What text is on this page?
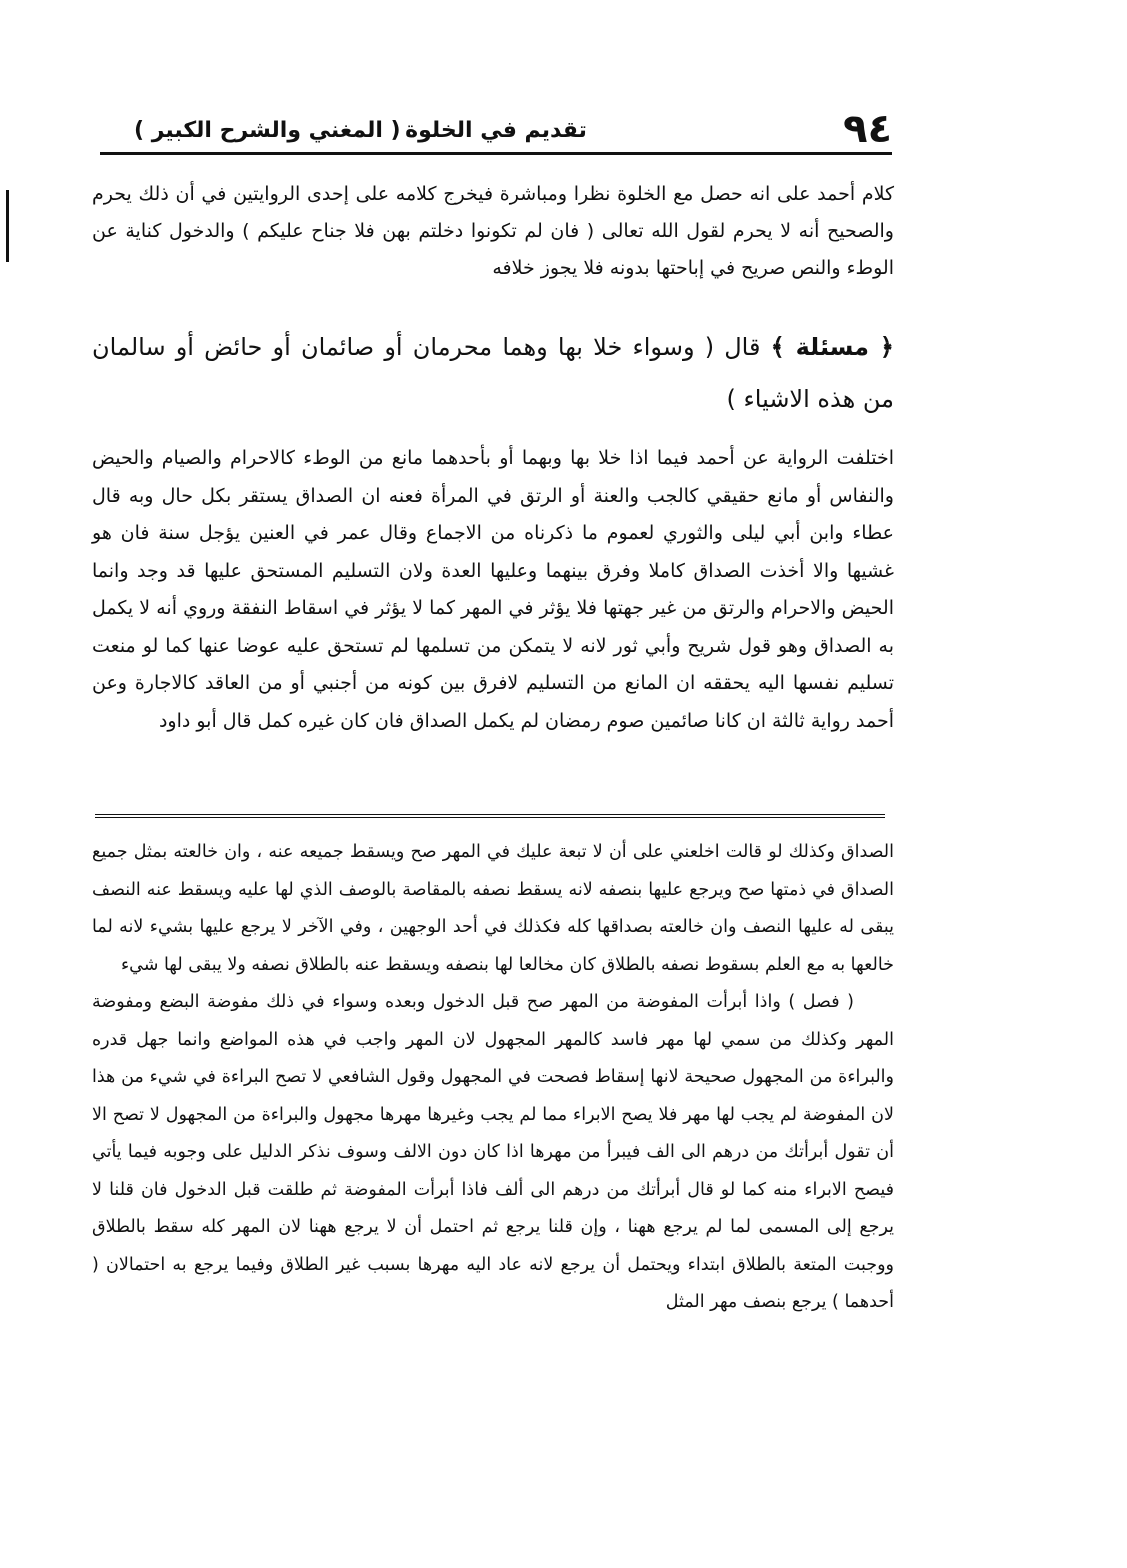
٩٤
تقديم في الخلوة
( المغني والشرح الكبير )

كلام أحمد على انه حصل مع الخلوة نظرا ومباشرة فيخرج كلامه على إحدى الروايتين في أن ذلك يحرم والصحيح أنه لا يحرم لقول الله تعالى ( فان لم تكونوا دخلتم بهن فلا جناح عليكم ) والدخول كناية عن الوطء والنص صريح في إباحتها بدونه فلا يجوز خلافه

﴿ مسئلة ﴾ قال ( وسواء خلا بها وهما محرمان أو صائمان أو حائض أو سالمان من هذه الاشياء )

اختلفت الرواية عن أحمد فيما اذا خلا بها وبهما أو بأحدهما مانع من الوطء كالاحرام والصيام والحيض والنفاس أو مانع حقيقي كالجب والعنة أو الرتق في المرأة فعنه ان الصداق يستقر بكل حال وبه قال عطاء وابن أبي ليلى والثوري لعموم ما ذكرناه من الاجماع وقال عمر في العنين يؤجل سنة فان هو غشيها والا أخذت الصداق كاملا وفرق بينهما وعليها العدة ولان التسليم المستحق عليها قد وجد وانما الحيض والاحرام والرتق من غير جهتها فلا يؤثر في المهر كما لا يؤثر في اسقاط النفقة وروي أنه لا يكمل به الصداق وهو قول شريح وأبي ثور لانه لا يتمكن من تسلمها لم تستحق عليه عوضا عنها كما لو منعت تسليم نفسها اليه يحققه ان المانع من التسليم لافرق بين كونه من أجنبي أو من العاقد كالاجارة وعن أحمد رواية ثالثة ان كانا صائمين صوم رمضان لم يكمل الصداق فان كان غيره كمل قال أبو داود

الصداق وكذلك لو قالت اخلعني على أن لا تبعة عليك في المهر صح ويسقط جميعه عنه ، وان خالعته بمثل جميع الصداق في ذمتها صح ويرجع عليها بنصفه لانه يسقط نصفه بالمقاصة بالوصف الذي لها عليه ويسقط عنه النصف يبقى له عليها النصف وان خالعته بصداقها كله فكذلك في أحد الوجهين ، وفي الآخر لا يرجع عليها بشيء لانه لما خالعها به مع العلم بسقوط نصفه بالطلاق كان مخالعا لها بنصفه ويسقط عنه بالطلاق نصفه ولا يبقى لها شيء

( فصل ) واذا أبرأت المفوضة من المهر صح قبل الدخول وبعده وسواء في ذلك مفوضة البضع ومفوضة المهر وكذلك من سمي لها مهر فاسد كالمهر المجهول لان المهر واجب في هذه المواضع وانما جهل قدره والبراءة من المجهول صحيحة لانها إسقاط فصحت في المجهول وقول الشافعي لا تصح البراءة في شيء من هذا لان المفوضة لم يجب لها مهر فلا يصح الابراء مما لم يجب وغيرها مهرها مجهول والبراءة من المجهول لا تصح الا أن تقول أبرأتك من درهم الى الف فيبرأ من مهرها اذا كان دون الالف وسوف نذكر الدليل على وجوبه فيما يأتي فيصح الابراء منه كما لو قال أبرأتك من درهم الى ألف فاذا أبرأت المفوضة ثم طلقت قبل الدخول فان قلنا لا يرجع إلى المسمى لما لم يرجع ههنا ، وإن قلنا يرجع ثم احتمل أن لا يرجع ههنا لان المهر كله سقط بالطلاق ووجبت المتعة بالطلاق ابتداء ويحتمل أن يرجع لانه عاد اليه مهرها بسبب غير الطلاق وفيما يرجع به احتمالان ( أحدهما ) يرجع بنصف مهر المثل
